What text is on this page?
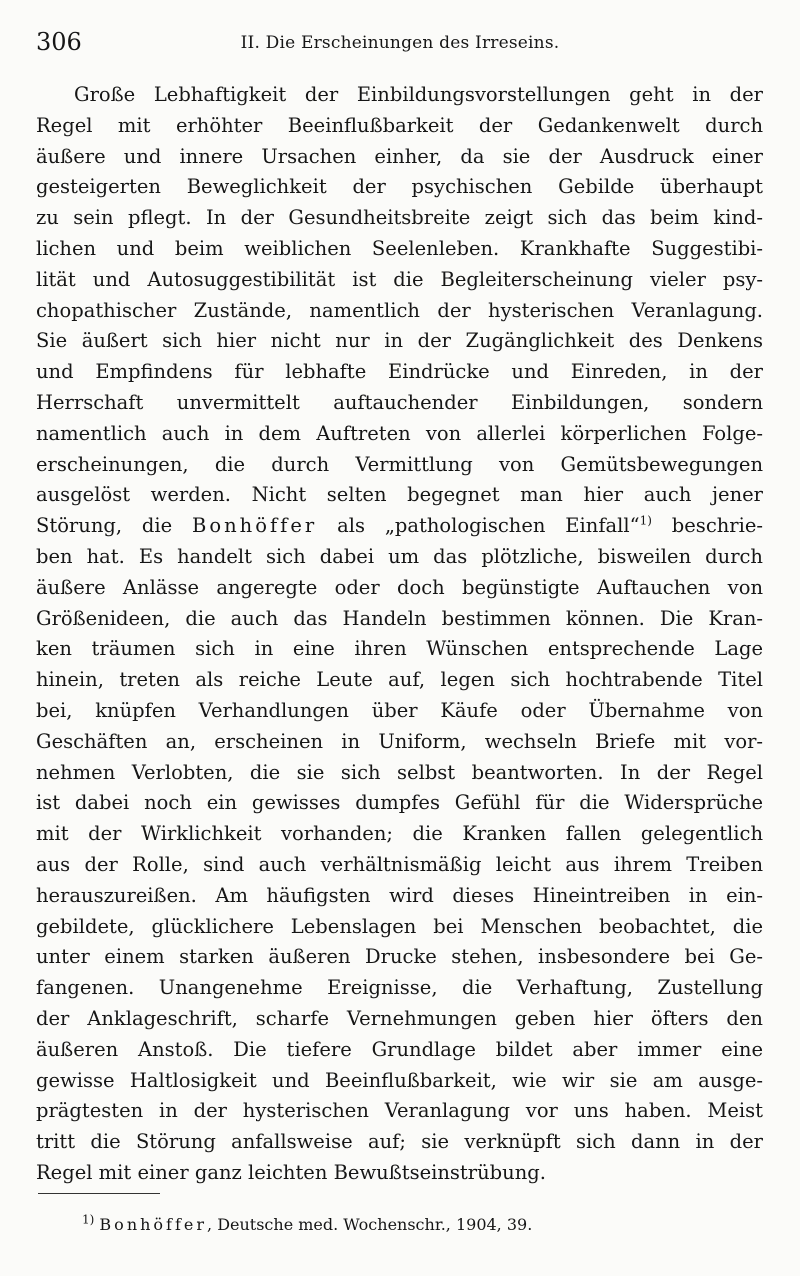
306	II. Die Erscheinungen des Irreseins.
Große Lebhaftigkeit der Einbildungsvorstellungen geht in der
Regel mit erhöhter Beeinflußbarkeit der Gedankenwelt durch
äußere und innere Ursachen einher, da sie der Ausdruck einer
gesteigerten Beweglichkeit der psychischen Gebilde überhaupt
zu sein pflegt. In der Gesundheitsbreite zeigt sich das beim kind-
lichen und beim weiblichen Seelenleben. Krankhafte Suggestibi-
lität und Autosuggestibilität ist die Begleiterscheinung vieler psy-
chopathischer Zustände, namentlich der hysterischen Veranlagung.
Sie äußert sich hier nicht nur in der Zugänglichkeit des Denkens
und Empfindens für lebhafte Eindrücke und Einreden, in der
Herrschaft unvermittelt auftauchender Einbildungen, sondern
namentlich auch in dem Auftreten von allerlei körperlichen Folge-
erscheinungen, die durch Vermittlung von Gemütsbewegungen
ausgelöst werden. Nicht selten begegnet man hier auch jener
Störung, die Bonhöffer als „pathologischen Einfall“$^{1)}$ beschrie-
ben hat. Es handelt sich dabei um das plötzliche, bisweilen durch
äußere Anlässe angeregte oder doch begünstigte Auftauchen von
Größenideen, die auch das Handeln bestimmen können. Die Kran-
ken träumen sich in eine ihren Wünschen entsprechende Lage
hinein, treten als reiche Leute auf, legen sich hochtrabende Titel
bei, knüpfen Verhandlungen über Käufe oder Übernahme von
Geschäften an, erscheinen in Uniform, wechseln Briefe mit vor-
nehmen Verlobten, die sie sich selbst beantworten. In der Regel
ist dabei noch ein gewisses dumpfes Gefühl für die Widersprüche
mit der Wirklichkeit vorhanden; die Kranken fallen gelegentlich
aus der Rolle, sind auch verhältnismäßig leicht aus ihrem Treiben
herauszureißen. Am häufigsten wird dieses Hineintreiben in ein-
gebildete, glücklichere Lebenslagen bei Menschen beobachtet, die
unter einem starken äußeren Drucke stehen, insbesondere bei Ge-
fangenen. Unangenehme Ereignisse, die Verhaftung, Zustellung
der Anklageschrift, scharfe Vernehmungen geben hier öfters den
äußeren Anstoß. Die tiefere Grundlage bildet aber immer eine
gewisse Haltlosigkeit und Beeinflußbarkeit, wie wir sie am ausge-
prägtesten in der hysterischen Veranlagung vor uns haben. Meist
tritt die Störung anfallsweise auf; sie verknüpft sich dann in der
Regel mit einer ganz leichten Bewußtseinstrübung.
$^{1)}$ Bonhöffer, Deutsche med. Wochenschr., 1904, 39.
